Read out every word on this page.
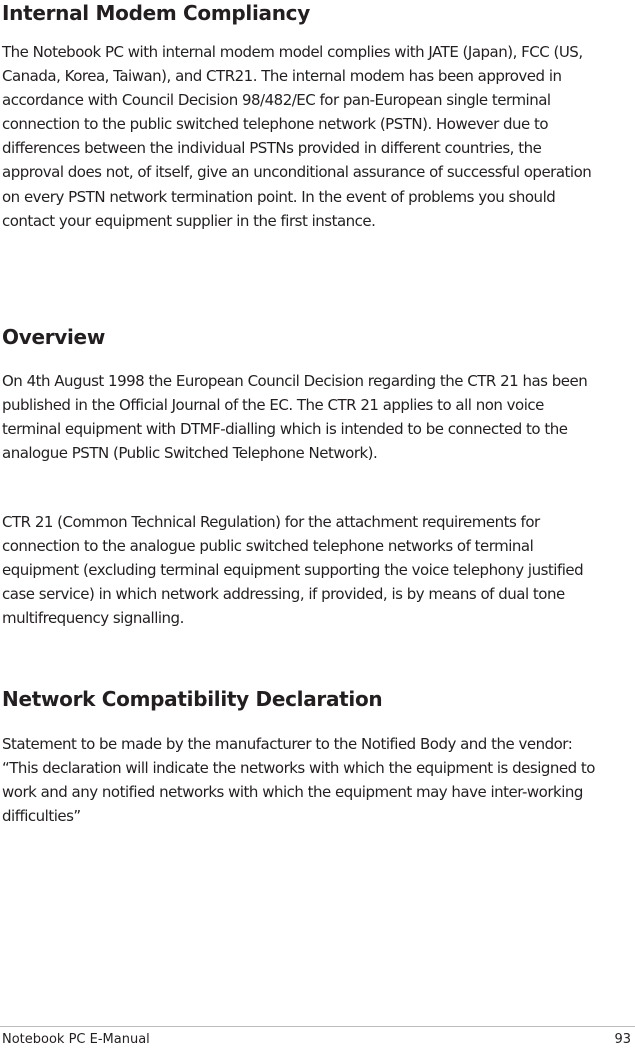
Internal Modem Compliancy

The Notebook PC with internal modem model complies with JATE (Japan), FCC (US, Canada, Korea, Taiwan), and CTR21. The internal modem has been approved in accordance with Council Decision 98/482/EC for pan-European single terminal connection to the public switched telephone network (PSTN). However due to differences between the individual PSTNs provided in different countries, the approval does not, of itself, give an unconditional assurance of successful operation on every PSTN network termination point. In the event of problems you should contact your equipment supplier in the first instance.

Overview

On 4th August 1998 the European Council Decision regarding the CTR 21 has been published in the Official Journal of the EC. The CTR 21 applies to all non voice terminal equipment with DTMF-dialling which is intended to be connected to the analogue PSTN (Public Switched Telephone Network).

CTR 21 (Common Technical Regulation) for the attachment requirements for connection to the analogue public switched telephone networks of terminal equipment (excluding terminal equipment supporting the voice telephony justified case service) in which network addressing, if provided, is by means of dual tone multifrequency signalling.

Network Compatibility Declaration

Statement to be made by the manufacturer to the Notified Body and the vendor: “This declaration will indicate the networks with which the equipment is designed to work and any notified networks with which the equipment may have inter-working difficulties”

Notebook PC E-Manual	93
